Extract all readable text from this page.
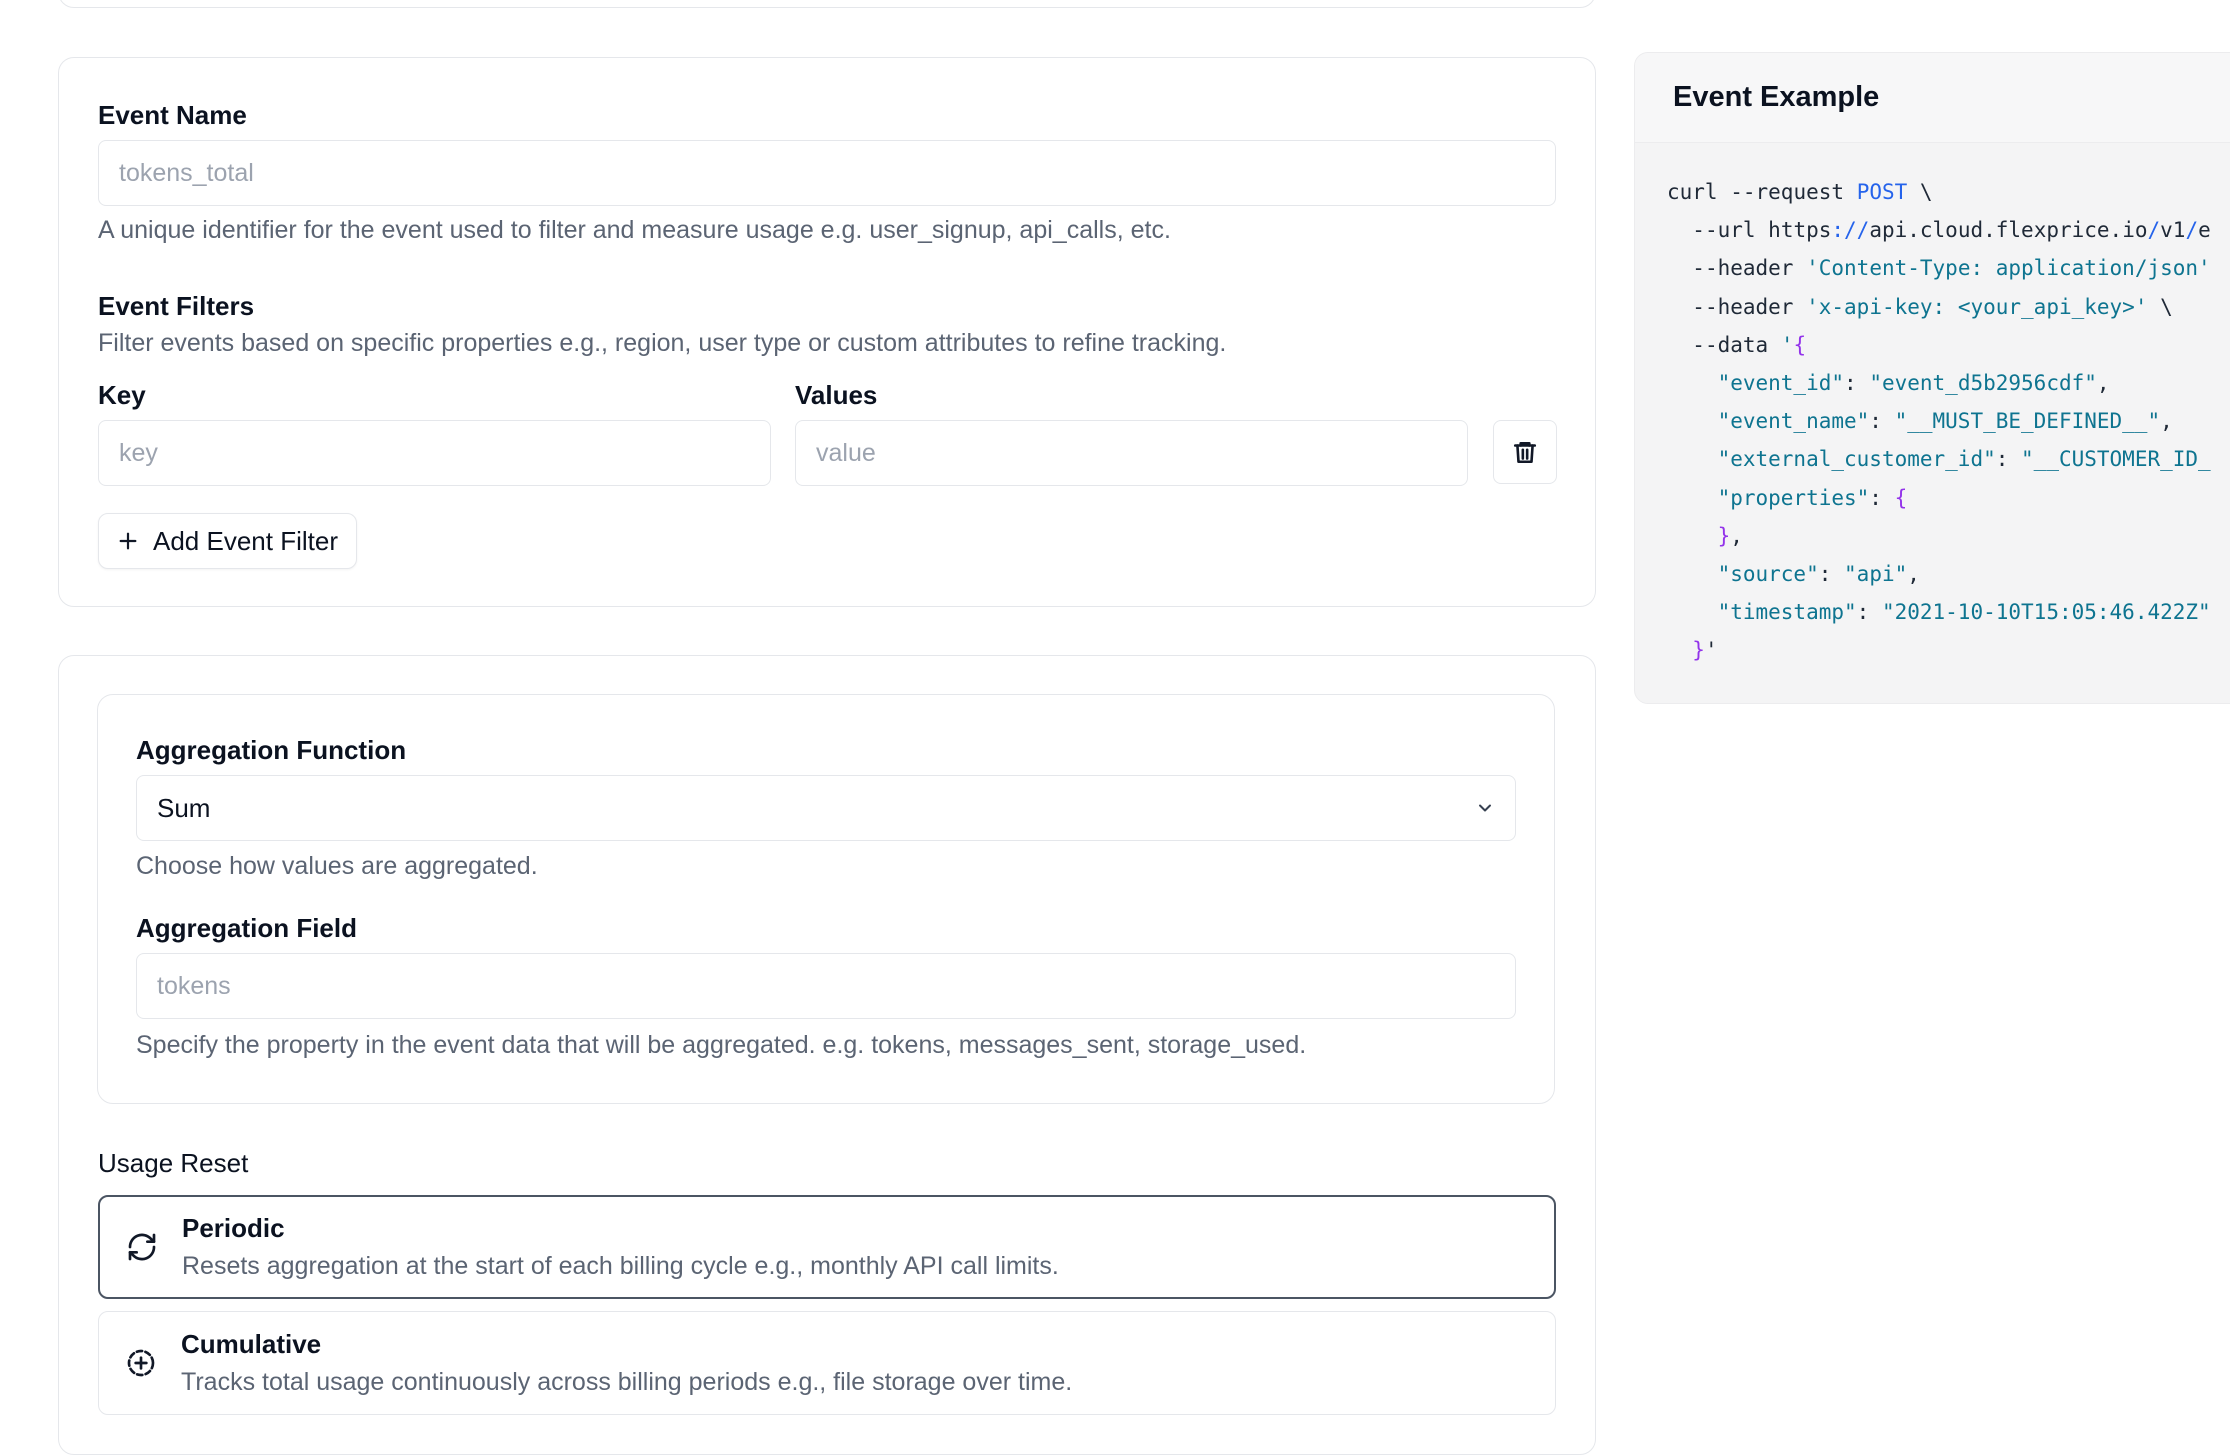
Event Name

tokens_total

A unique identifier for the event used to filter and measure usage e.g. user_signup, api_calls, etc.

Event Filters

Filter events based on specific properties e.g., region, user type or custom attributes to refine tracking.

Key	Values

key	value
Add Event Filter

Aggregation Function

Sum

Choose how values are aggregated.

Aggregation Field

tokens

Specify the property in the event data that will be aggregated. e.g. tokens, messages_sent, storage_used.

Usage Reset

Periodic
Resets aggregation at the start of each billing cycle e.g., monthly API call limits.
Cumulative
Tracks total usage continuously across billing periods e.g., file storage over time.

Event Example

curl --request POST \
--url https://api.cloud.flexprice.io/v1/e
--header 'Content-Type: application/json'
--header 'x-api-key: <your_api_key>' \
--data '{
"event_id": "event_d5b2956cdf",
"event_name": "__MUST_BE_DEFINED__",
"external_customer_id": "__CUSTOMER_ID_
"properties": {
},
"source": "api",
"timestamp": "2021-10-10T15:05:46.422Z"
}'
